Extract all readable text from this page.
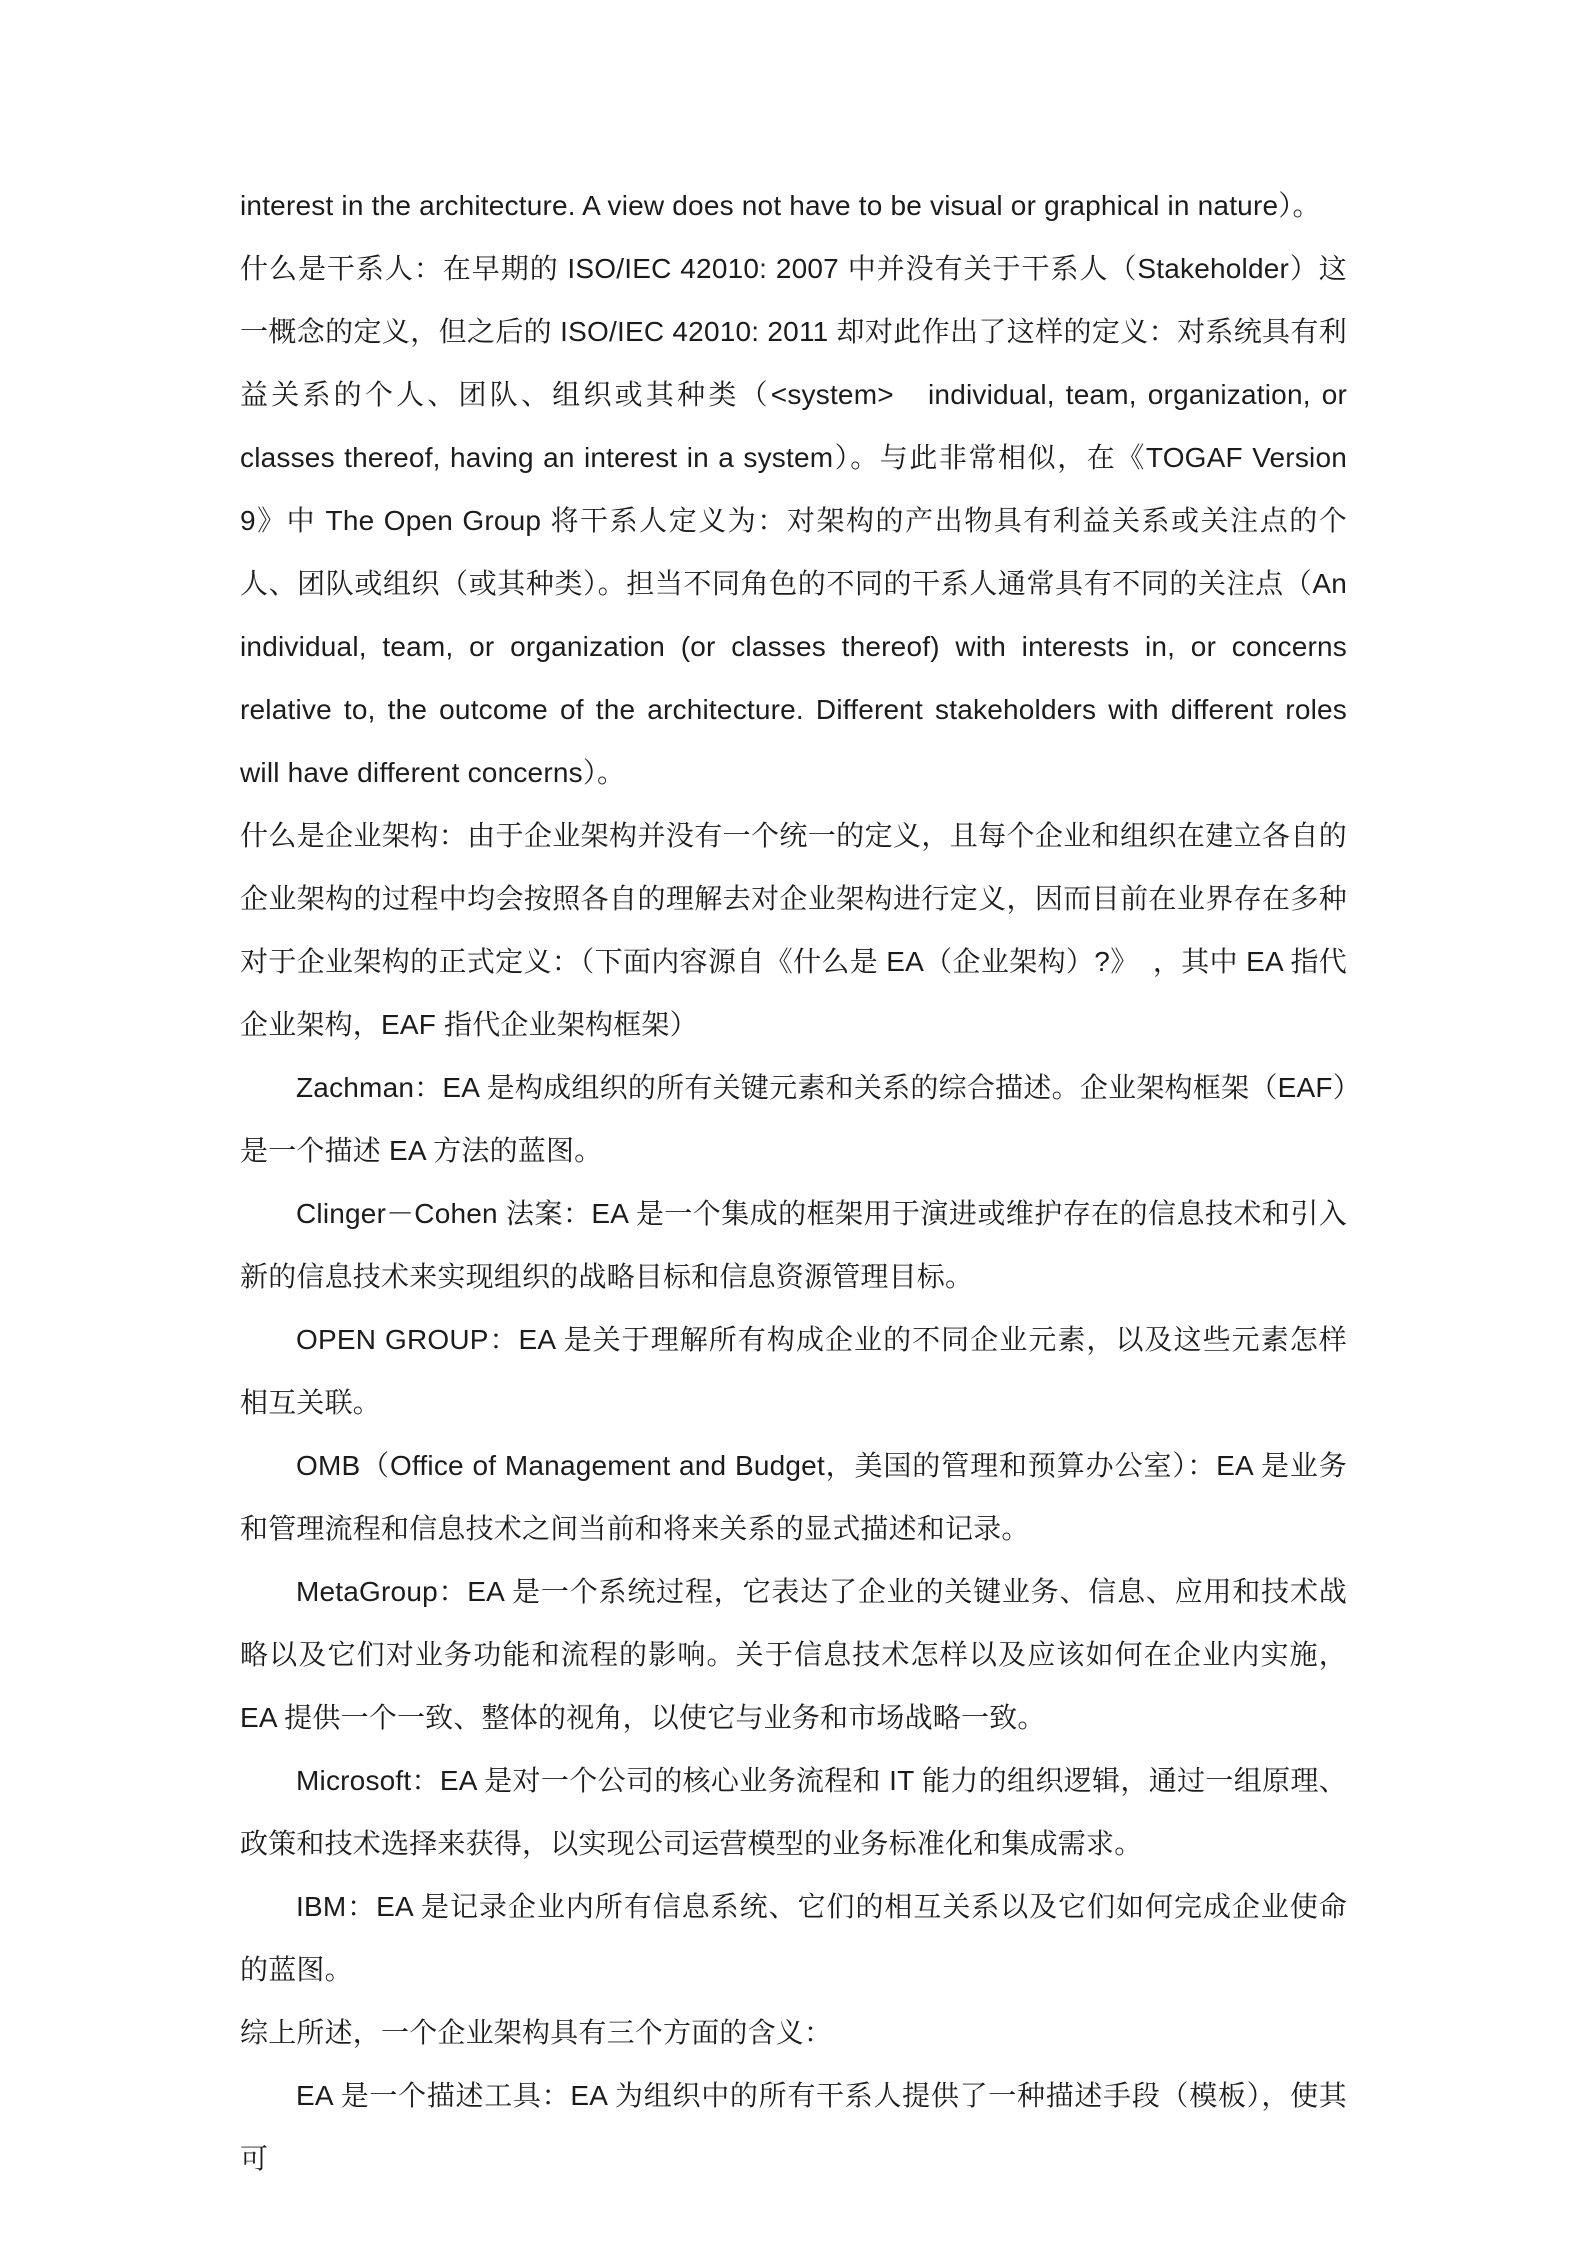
interest in the architecture. A view does not have to be visual or graphical in nature）。

什么是干系人：在早期的 ISO/IEC 42010: 2007 中并没有关于干系人（Stakeholder）这一概念的定义，但之后的 ISO/IEC 42010: 2011 却对此作出了这样的定义：对系统具有利益关系的个人、团队、组织或其种类（<system>　individual, team, organization, or classes thereof, having an interest in a system）。与此非常相似，在《TOGAF Version 9》中 The Open Group 将干系人定义为：对架构的产出物具有利益关系或关注点的个人、团队或组织（或其种类）。担当不同角色的不同的干系人通常具有不同的关注点（An individual, team, or organization (or classes thereof) with interests in, or concerns relative to, the outcome of the architecture. Different stakeholders with different roles will have different concerns）。

什么是企业架构：由于企业架构并没有一个统一的定义，且每个企业和组织在建立各自的企业架构的过程中均会按照各自的理解去对企业架构进行定义，因而目前在业界存在多种对于企业架构的正式定义：（下面内容源自《什么是 EA（企业架构）?》　，其中 EA 指代企业架构，EAF 指代企业架构框架）

Zachman：EA 是构成组织的所有关键元素和关系的综合描述。企业架构框架（EAF）是一个描述 EA 方法的蓝图。

Clinger－Cohen 法案：EA 是一个集成的框架用于演进或维护存在的信息技术和引入新的信息技术来实现组织的战略目标和信息资源管理目标。

OPEN GROUP：EA 是关于理解所有构成企业的不同企业元素，以及这些元素怎样相互关联。

OMB（Office of Management and Budget，美国的管理和预算办公室）：EA 是业务和管理流程和信息技术之间当前和将来关系的显式描述和记录。

MetaGroup：EA 是一个系统过程，它表达了企业的关键业务、信息、应用和技术战略以及它们对业务功能和流程的影响。关于信息技术怎样以及应该如何在企业内实施，EA 提供一个一致、整体的视角，以使它与业务和市场战略一致。

Microsoft：EA 是对一个公司的核心业务流程和 IT 能力的组织逻辑，通过一组原理、政策和技术选择来获得，以实现公司运营模型的业务标准化和集成需求。

IBM：EA 是记录企业内所有信息系统、它们的相互关系以及它们如何完成企业使命的蓝图。

综上所述，一个企业架构具有三个方面的含义：

EA 是一个描述工具：EA 为组织中的所有干系人提供了一种描述手段（模板），使其可
